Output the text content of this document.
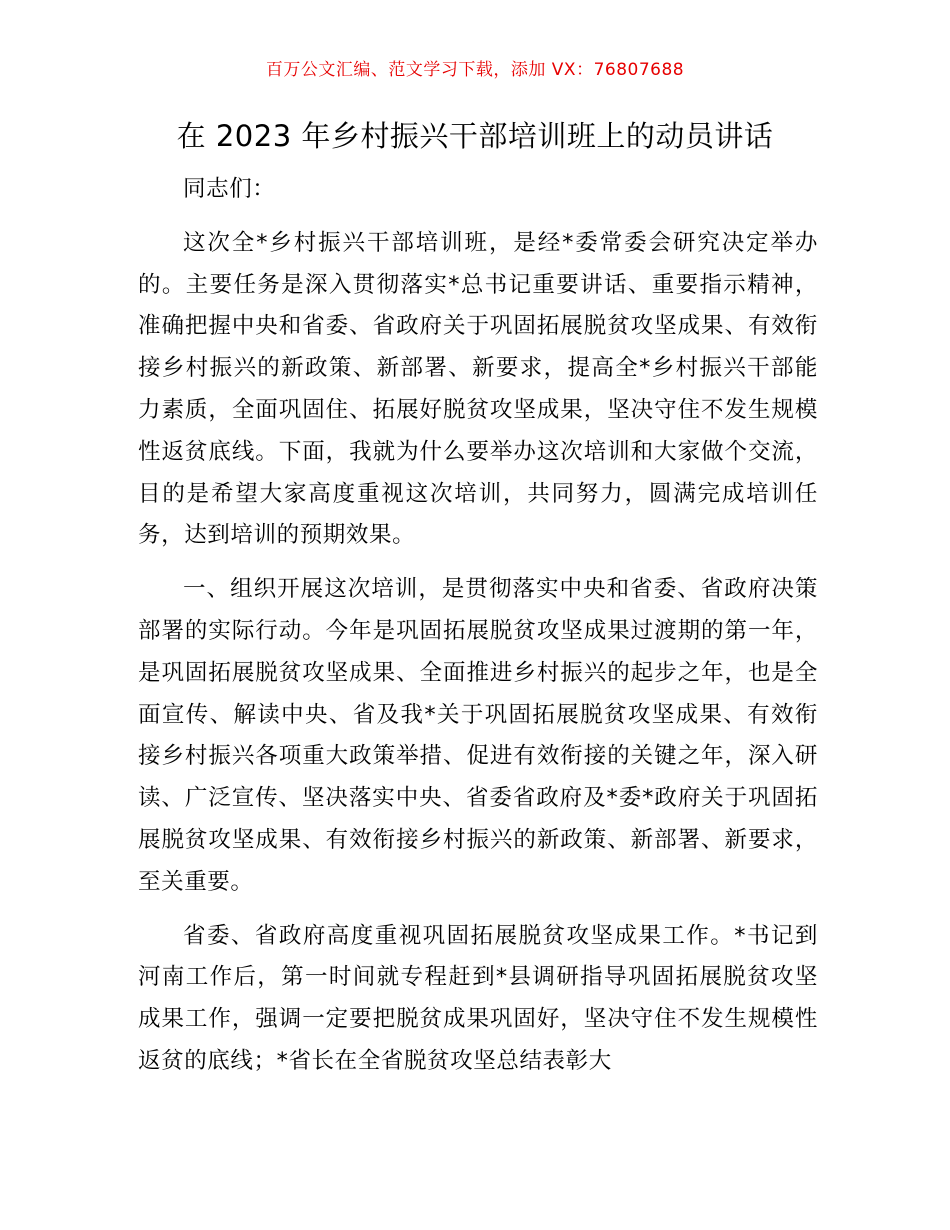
百万公文汇编、范文学习下载，添加 VX：76807688
在 2023 年乡村振兴干部培训班上的动员讲话

同志们：

这次全*乡村振兴干部培训班，是经*委常委会研究决定举办的。主要任务是深入贯彻落实*总书记重要讲话、重要指示精神，准确把握中央和省委、省政府关于巩固拓展脱贫攻坚成果、有效衔接乡村振兴的新政策、新部署、新要求，提高全*乡村振兴干部能力素质，全面巩固住、拓展好脱贫攻坚成果，坚决守住不发生规模性返贫底线。下面，我就为什么要举办这次培训和大家做个交流，目的是希望大家高度重视这次培训，共同努力，圆满完成培训任务，达到培训的预期效果。

一、组织开展这次培训，是贯彻落实中央和省委、省政府决策部署的实际行动。今年是巩固拓展脱贫攻坚成果过渡期的第一年，是巩固拓展脱贫攻坚成果、全面推进乡村振兴的起步之年，也是全面宣传、解读中央、省及我*关于巩固拓展脱贫攻坚成果、有效衔接乡村振兴各项重大政策举措、促进有效衔接的关键之年，深入研读、广泛宣传、坚决落实中央、省委省政府及*委*政府关于巩固拓展脱贫攻坚成果、有效衔接乡村振兴的新政策、新部署、新要求，至关重要。

省委、省政府高度重视巩固拓展脱贫攻坚成果工作。*书记到河南工作后，第一时间就专程赶到*县调研指导巩固拓展脱贫攻坚成果工作，强调一定要把脱贫成果巩固好，坚决守住不发生规模性返贫的底线；*省长在全省脱贫攻坚总结表彰大
